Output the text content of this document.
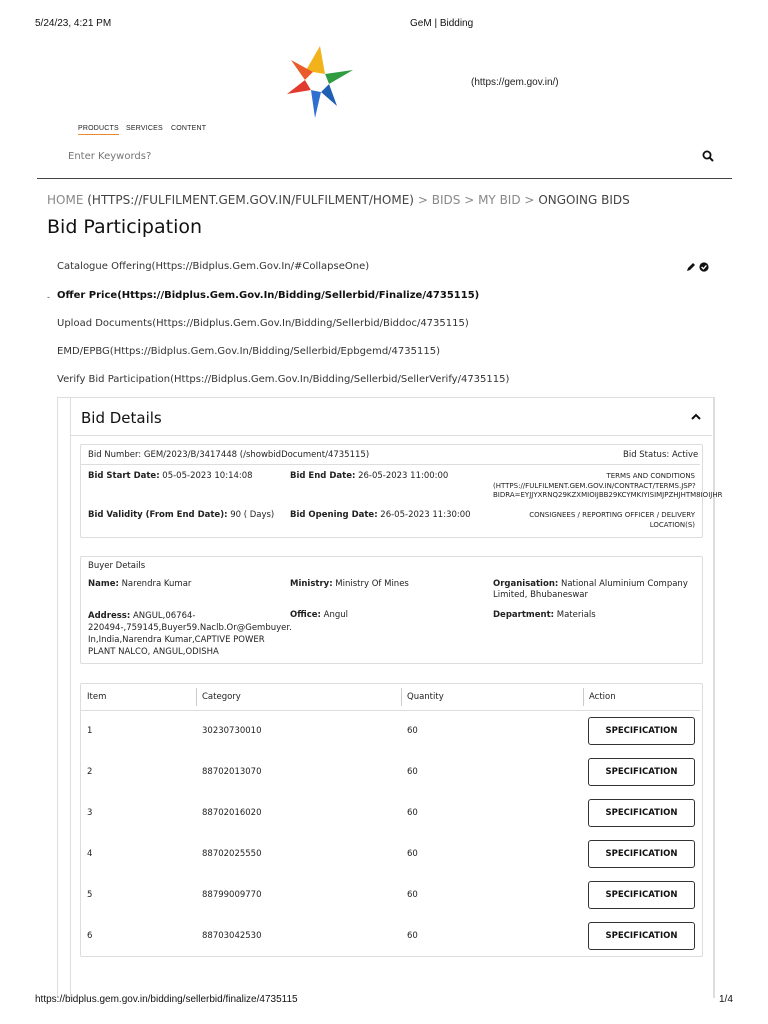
5/24/23, 4:21 PM	GeM | Bidding
(https://gem.gov.in/)
PRODUCTS SERVICES CONTENT
Enter Keywords?
HOME (HTTPS://FULFILMENT.GEM.GOV.IN/FULFILMENT/HOME) > BIDS > MY BID > ONGOING BIDS
Bid Participation
Catalogue Offering(Https://Bidplus.Gem.Gov.In/#CollapseOne)
- Offer Price(Https://Bidplus.Gem.Gov.In/Bidding/Sellerbid/Finalize/4735115)
Upload Documents(Https://Bidplus.Gem.Gov.In/Bidding/Sellerbid/Biddoc/4735115)
EMD/EPBG(Https://Bidplus.Gem.Gov.In/Bidding/Sellerbid/Epbgemd/4735115)
Verify Bid Participation(Https://Bidplus.Gem.Gov.In/Bidding/Sellerbid/SellerVerify/4735115)
Bid Details
Bid Number: GEM/2023/B/3417448 (/showbidDocument/4735115)	Bid Status: Active
Bid Start Date: 05-05-2023 10:14:08	Bid End Date: 26-05-2023 11:00:00	TERMS AND CONDITIONS
(HTTPS://FULFILMENT.GEM.GOV.IN/CONTRACT/TERMS.JSP?
BIDRA=EYJJYXRNQ29KZXMIOIJBB29KCYMKIYISIMJPZHJHTM8IOIJHR
Bid Validity (From End Date): 90 ( Days) Bid Opening Date: 26-05-2023 11:30:00	CONSIGNEES / REPORTING OFFICER / DELIVERY
LOCATION(S)
Buyer Details
Name: Narendra Kumar	Ministry: Ministry Of Mines	Organisation: National Aluminium Company
Limited, Bhubaneswar
Address: ANGUL,06764-
220494-,759145,Buyer59.Naclb.Or@Gembuyer.
In,India,Narendra Kumar,CAPTIVE POWER
PLANT NALCO, ANGUL,ODISHA
Office: Angul	Department: Materials
Item	Category	Quantity	Action
1	30230730010	60	SPECIFICATION
2	88702013070	60	SPECIFICATION
3	88702016020	60	SPECIFICATION
4	88702025550	60	SPECIFICATION
5	88799009770	60	SPECIFICATION
6	88703042530	60	SPECIFICATION
https://bidplus.gem.gov.in/bidding/sellerbid/finalize/4735115	1/4
